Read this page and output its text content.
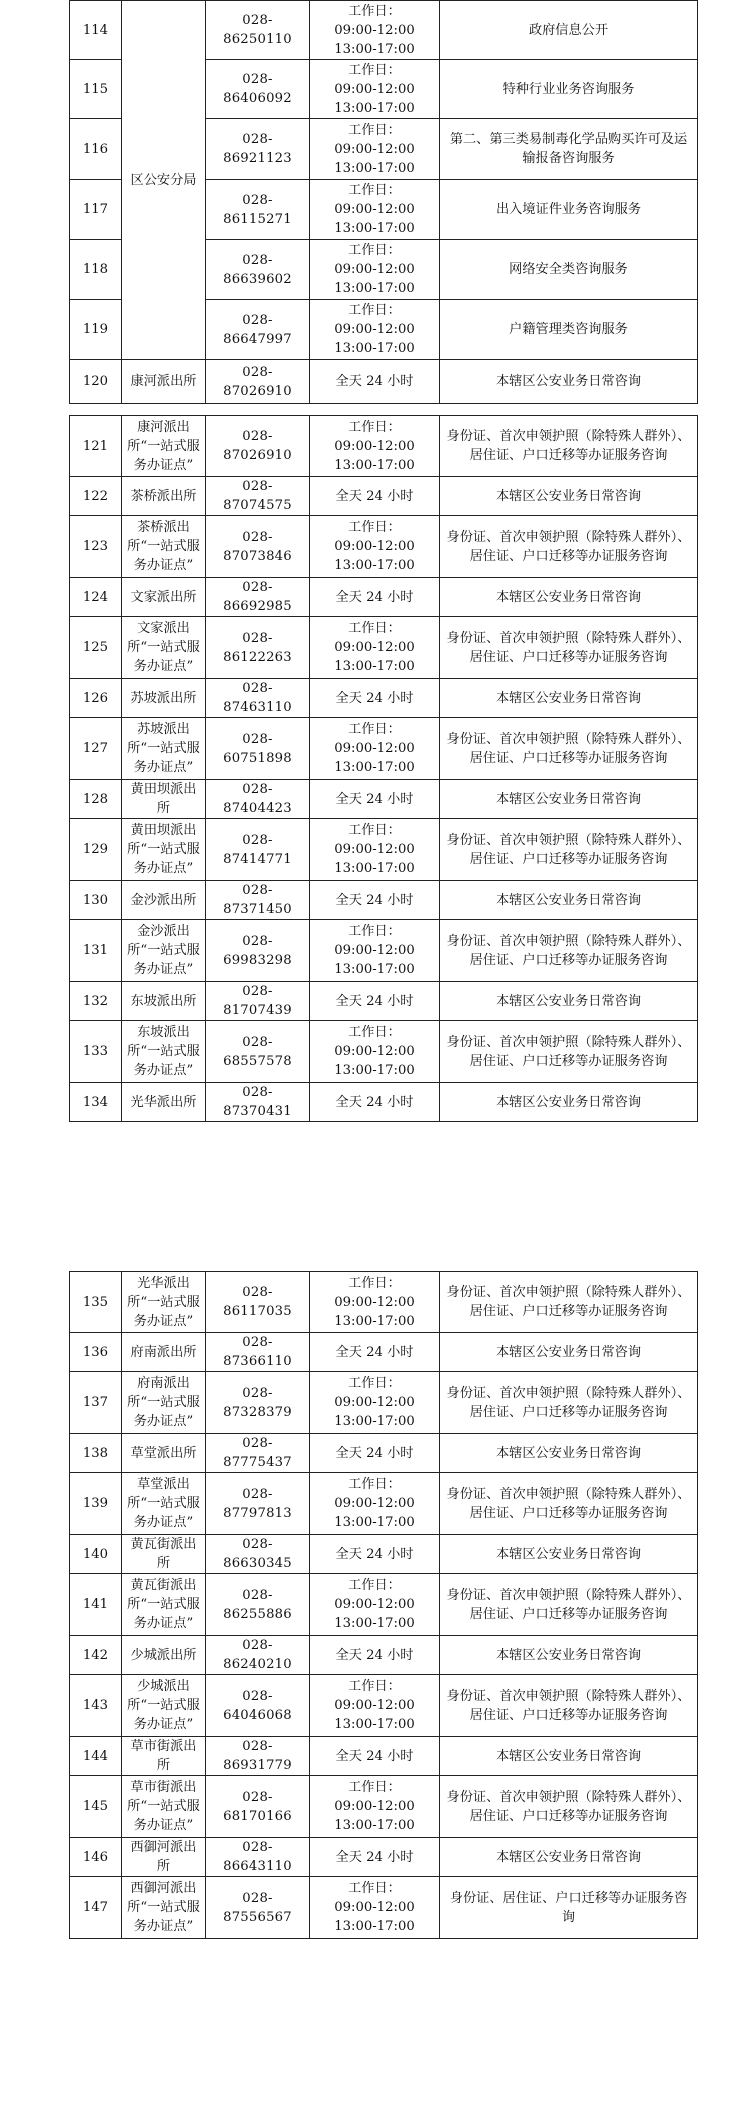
114	区公安分局	028-86250110	工作日：
09:00-12:00
13:00-17:00	政府信息公开
115		028-86406092	工作日：
09:00-12:00
13:00-17:00	特种行业业务咨询服务
116		028-86921123	工作日：
09:00-12:00
13:00-17:00	第二、第三类易制毒化学品购买许可及运输报备咨询服务
117		028-86115271	工作日：
09:00-12:00
13:00-17:00	出入境证件业务咨询服务
118		028-86639602	工作日：
09:00-12:00
13:00-17:00	网络安全类咨询服务
119		028-86647997	工作日：
09:00-12:00
13:00-17:00	户籍管理类咨询服务
120	康河派出所	028-87026910	全天 24 小时	本辖区公安业务日常咨询
121	康河派出所“一站式服务办证点”	028-87026910	工作日：
09:00-12:00
13:00-17:00	身份证、首次申领护照（除特殊人群外）、居住证、户口迁移等办证服务咨询
122	茶桥派出所	028-87074575	全天 24 小时	本辖区公安业务日常咨询
123	茶桥派出所“一站式服务办证点”	028-87073846	工作日：
09:00-12:00
13:00-17:00	身份证、首次申领护照（除特殊人群外）、居住证、户口迁移等办证服务咨询
124	文家派出所	028-86692985	全天 24 小时	本辖区公安业务日常咨询
125	文家派出所“一站式服务办证点”	028-86122263	工作日：
09:00-12:00
13:00-17:00	身份证、首次申领护照（除特殊人群外）、居住证、户口迁移等办证服务咨询
126	苏坡派出所	028-87463110	全天 24 小时	本辖区公安业务日常咨询
127	苏坡派出所“一站式服务办证点”	028-60751898	工作日：
09:00-12:00
13:00-17:00	身份证、首次申领护照（除特殊人群外）、居住证、户口迁移等办证服务咨询
128	黄田坝派出所	028-87404423	全天 24 小时	本辖区公安业务日常咨询
129	黄田坝派出所“一站式服务办证点”	028-87414771	工作日：
09:00-12:00
13:00-17:00	身份证、首次申领护照（除特殊人群外）、居住证、户口迁移等办证服务咨询
130	金沙派出所	028-87371450	全天 24 小时	本辖区公安业务日常咨询
131	金沙派出所“一站式服务办证点”	028-69983298	工作日：
09:00-12:00
13:00-17:00	身份证、首次申领护照（除特殊人群外）、居住证、户口迁移等办证服务咨询
132	东坡派出所	028-81707439	全天 24 小时	本辖区公安业务日常咨询
133	东坡派出所“一站式服务办证点”	028-68557578	工作日：
09:00-12:00
13:00-17:00	身份证、首次申领护照（除特殊人群外）、居住证、户口迁移等办证服务咨询
134	光华派出所	028-87370431	全天 24 小时	本辖区公安业务日常咨询
135	光华派出所“一站式服务办证点”	028-86117035	工作日：
09:00-12:00
13:00-17:00	身份证、首次申领护照（除特殊人群外）、居住证、户口迁移等办证服务咨询
136	府南派出所	028-87366110	全天 24 小时	本辖区公安业务日常咨询
137	府南派出所“一站式服务办证点”	028-87328379	工作日：
09:00-12:00
13:00-17:00	身份证、首次申领护照（除特殊人群外）、居住证、户口迁移等办证服务咨询
138	草堂派出所	028-87775437	全天 24 小时	本辖区公安业务日常咨询
139	草堂派出所“一站式服务办证点”	028-87797813	工作日：
09:00-12:00
13:00-17:00	身份证、首次申领护照（除特殊人群外）、居住证、户口迁移等办证服务咨询
140	黄瓦街派出所	028-86630345	全天 24 小时	本辖区公安业务日常咨询
141	黄瓦街派出所“一站式服务办证点”	028-86255886	工作日：
09:00-12:00
13:00-17:00	身份证、首次申领护照（除特殊人群外）、居住证、户口迁移等办证服务咨询
142	少城派出所	028-86240210	全天 24 小时	本辖区公安业务日常咨询
143	少城派出所“一站式服务办证点”	028-64046068	工作日：
09:00-12:00
13:00-17:00	身份证、首次申领护照（除特殊人群外）、居住证、户口迁移等办证服务咨询
144	草市街派出所	028-86931779	全天 24 小时	本辖区公安业务日常咨询
145	草市街派出所“一站式服务办证点”	028-68170166	工作日：
09:00-12:00
13:00-17:00	身份证、首次申领护照（除特殊人群外）、居住证、户口迁移等办证服务咨询
146	西御河派出所	028-86643110	全天 24 小时	本辖区公安业务日常咨询
147	西御河派出所“一站式服务办证点”	028-87556567	工作日：
09:00-12:00
13:00-17:00	身份证、居住证、户口迁移等办证服务咨询
